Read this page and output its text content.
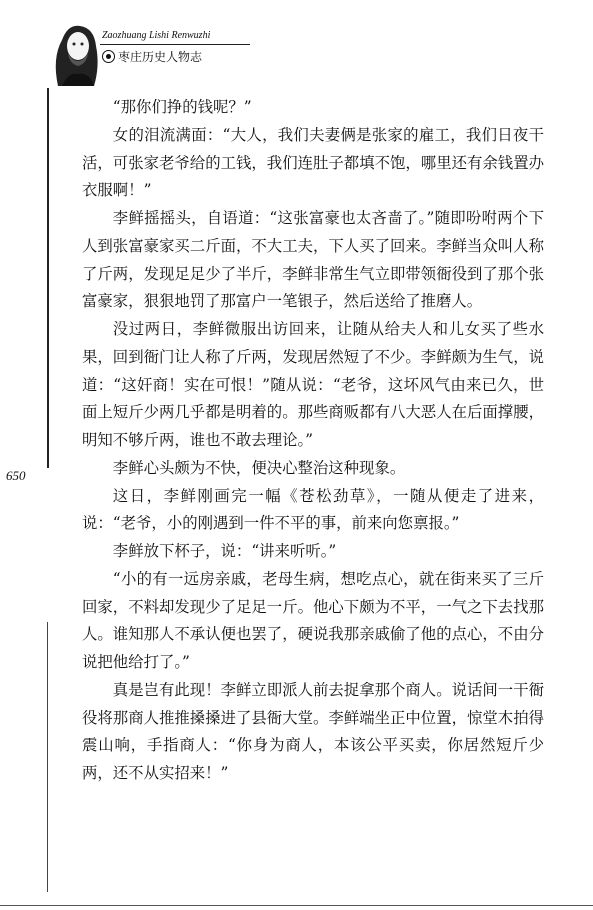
Zaozhuang Lishi Renwuzhi
枣庄历史人物志
650

“那你们挣的钱呢？”

女的泪流满面：“大人，我们夫妻俩是张家的雇工，我们日夜干活，可张家老爷给的工钱，我们连肚子都填不饱，哪里还有余钱置办衣服啊！”

李鲜摇摇头，自语道：“这张富豪也太吝啬了。”随即吩咐两个下人到张富豪家买二斤面，不大工夫，下人买了回来。李鲜当众叫人称了斤两，发现足足少了半斤，李鲜非常生气立即带领衙役到了那个张富豪家，狠狠地罚了那富户一笔银子，然后送给了推磨人。

没过两日，李鲜微服出访回来，让随从给夫人和儿女买了些水果，回到衙门让人称了斤两，发现居然短了不少。李鲜颇为生气，说道：“这奸商！实在可恨！”随从说：“老爷，这坏风气由来已久，世面上短斤少两几乎都是明着的。那些商贩都有八大恶人在后面撑腰，明知不够斤两，谁也不敢去理论。”

李鲜心头颇为不快，便决心整治这种现象。

这日，李鲜刚画完一幅《苍松劲草》，一随从便走了进来，说：“老爷，小的刚遇到一件不平的事，前来向您禀报。”

李鲜放下杯子，说：“讲来听听。”

“小的有一远房亲戚，老母生病，想吃点心，就在街来买了三斤回家，不料却发现少了足足一斤。他心下颇为不平，一气之下去找那人。谁知那人不承认便也罢了，硬说我那亲戚偷了他的点心，不由分说把他给打了。”

真是岂有此现！李鲜立即派人前去捉拿那个商人。说话间一干衙役将那商人推推搡搡进了县衙大堂。李鲜端坐正中位置，惊堂木拍得震山响，手指商人：“你身为商人，本该公平买卖，你居然短斤少两，还不从实招来！”
